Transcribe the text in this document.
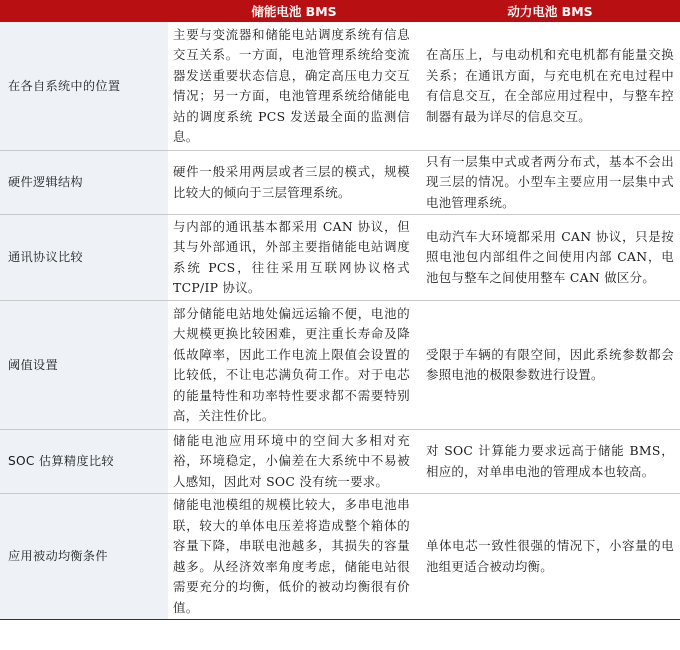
储能电池 BMS	动力电池 BMS
在各自系统中的位置
主要与变流器和储能电站调度系统有信息交互关系。一方面，电池管理系统给变流器发送重要状态信息，确定高压电力交互情况；另一方面，电池管理系统给储能电站的调度系统 PCS 发送最全面的监测信息。
在高压上，与电动机和充电机都有能量交换关系；在通讯方面，与充电机在充电过程中有信息交互，在全部应用过程中，与整车控制器有最为详尽的信息交互。
硬件逻辑结构
硬件一般采用两层或者三层的模式，规模比较大的倾向于三层管理系统。
只有一层集中式或者两分布式，基本不会出现三层的情况。小型车主要应用一层集中式电池管理系统。
通讯协议比较
与内部的通讯基本都采用 CAN 协议，但其与外部通讯，外部主要指储能电站调度系统 PCS，往往采用互联网协议格式 TCP/IP 协议。
电动汽车大环境都采用 CAN 协议，只是按照电池包内部组件之间使用内部 CAN，电池包与整车之间使用整车 CAN 做区分。
阈值设置
部分储能电站地处偏远运输不便，电池的大规模更换比较困难，更注重长寿命及降低故障率，因此工作电流上限值会设置的比较低，不让电芯满负荷工作。对于电芯的能量特性和功率特性要求都不需要特别高，关注性价比。
受限于车辆的有限空间，因此系统参数都会参照电池的极限参数进行设置。
SOC 估算精度比较
储能电池应用环境中的空间大多相对充裕，环境稳定，小偏差在大系统中不易被人感知，因此对 SOC 没有统一要求。
对 SOC 计算能力要求远高于储能 BMS，相应的，对单串电池的管理成本也较高。
应用被动均衡条件
储能电池模组的规模比较大，多串电池串联，较大的单体电压差将造成整个箱体的容量下降，串联电池越多，其损失的容量越多。从经济效率角度考虑，储能电站很需要充分的均衡，低价的被动均衡很有价值。
单体电芯一致性很强的情况下，小容量的电池组更适合被动均衡。
